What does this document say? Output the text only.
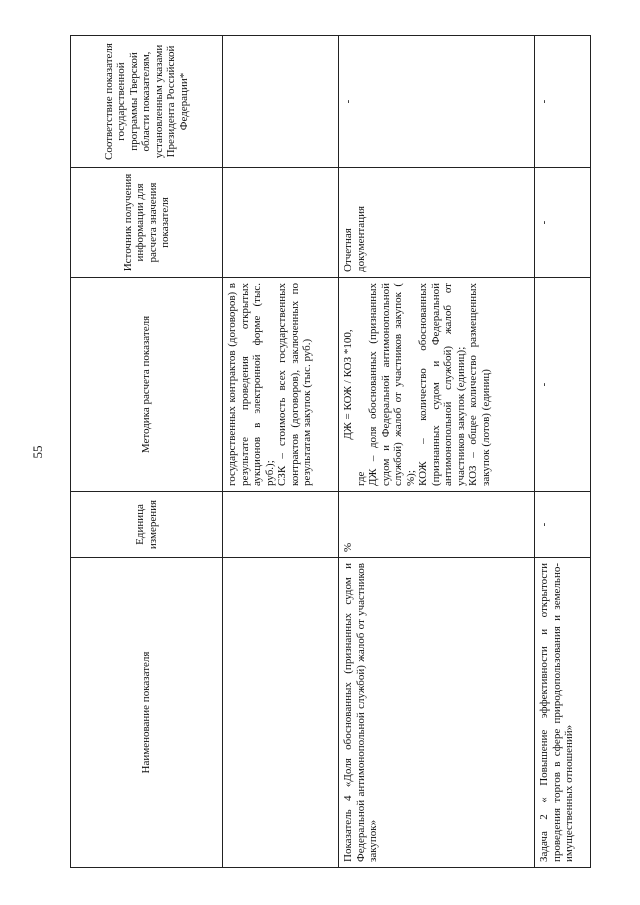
55
Наименование показателя	Единица измерения	Методика расчета показателя	Источник получения информации для расчета значения показателя	Соответствие показателя государственной программы Тверской области показателям, установленным указами Президента Российской Федерации*
		государственных контрактов (договоров) в результате проведения открытых аукционов в электронной форме (тыс. руб.);
СЗК – стоимость всех государственных контрактов (договоров), заключенных по результатам закупок (тыс. руб.)		
Показатель 4 «Доля обоснованных (признанных судом и Федеральной антимонопольной службой) жалоб от участников закупок»	%	ДЖ = КОЖ / КОЗ *100,
где
ДЖ – доля обоснованных (признанных судом и Федеральной антимонопольной службой) жалоб от участников закупок ( %);
КОЖ – количество обоснованных (признанных судом и Федеральной антимонопольной службой) жалоб от участников закупок (единиц);
КОЗ – общее количество размещенных закупок (лотов) (единиц)	Отчетная документация	-
Задача 2 « Повышение эффективности и открытости проведения торгов в сфере природопользования и земельно-имущественных отношений»	-	-	-	-
